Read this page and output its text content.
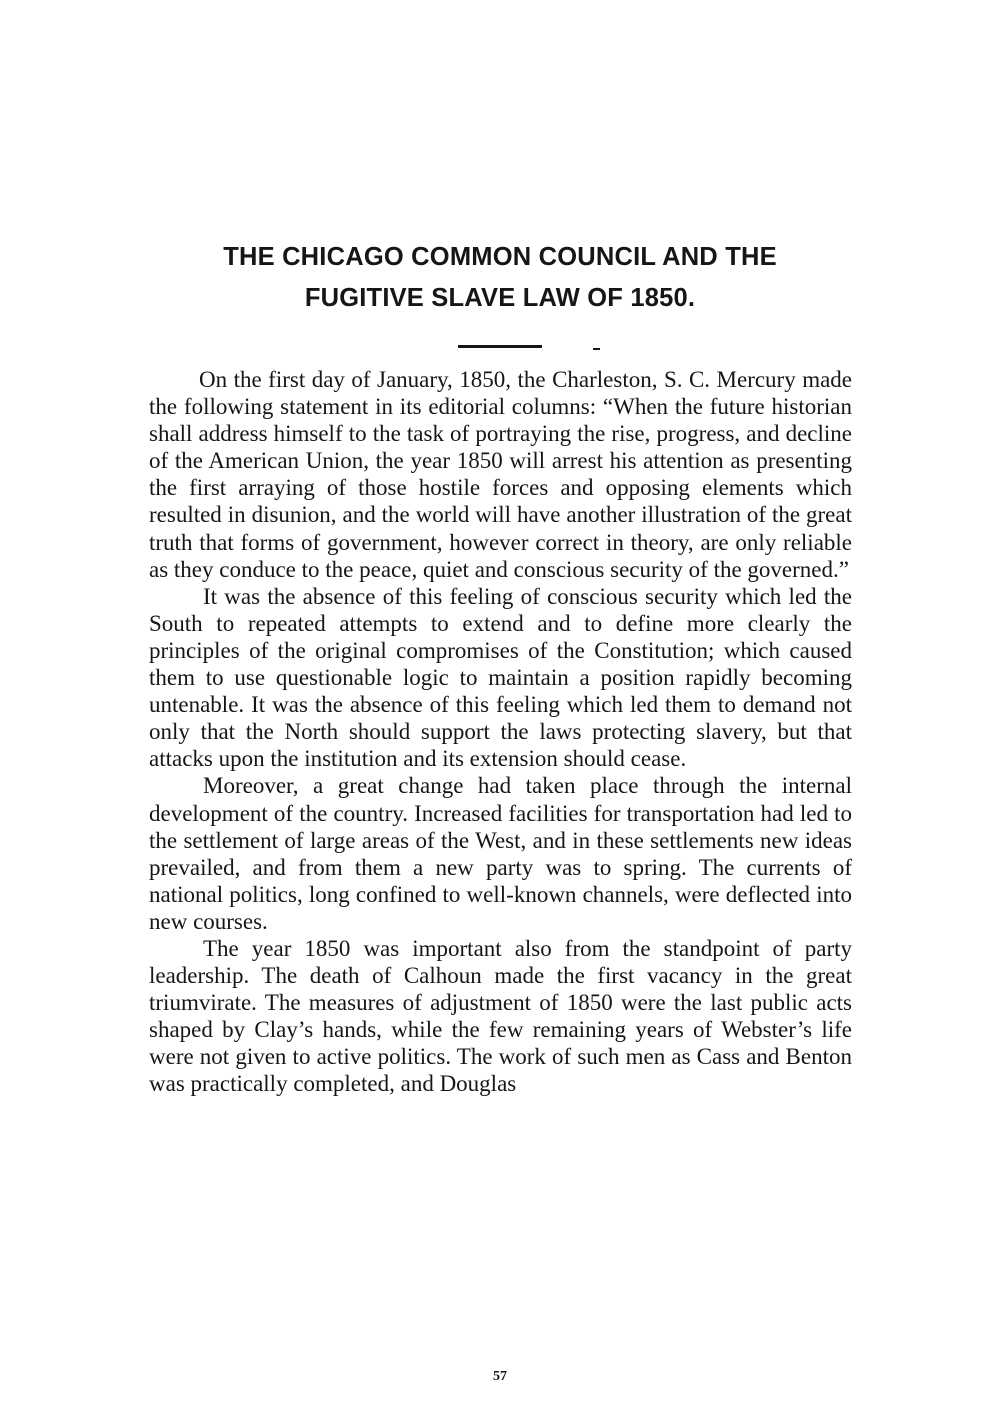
THE CHICAGO COMMON COUNCIL AND THE
FUGITIVE SLAVE LAW OF 1850.

On the first day of January, 1850, the Charleston, S. C. Mercury made the following statement in its editorial columns: “When the future historian shall address himself to the task of portraying the rise, progress, and decline of the American Union, the year 1850 will arrest his attention as presenting the first arraying of those hostile forces and opposing elements which resulted in disunion, and the world will have another illustration of the great truth that forms of government, however correct in theory, are only reliable as they conduce to the peace, quiet and conscious security of the governed.”

It was the absence of this feeling of conscious security which led the South to repeated attempts to extend and to define more clearly the principles of the original compromises of the Constitution; which caused them to use questionable logic to maintain a position rapidly becoming untenable. It was the absence of this feeling which led them to demand not only that the North should support the laws protecting slavery, but that attacks upon the institution and its extension should cease.

Moreover, a great change had taken place through the internal development of the country. Increased facilities for transportation had led to the settlement of large areas of the West, and in these settlements new ideas prevailed, and from them a new party was to spring. The currents of national politics, long confined to well-known channels, were deflected into new courses.

The year 1850 was important also from the standpoint of party leadership. The death of Calhoun made the first vacancy in the great triumvirate. The measures of adjustment of 1850 were the last public acts shaped by Clay’s hands, while the few remaining years of Webster’s life were not given to active politics. The work of such men as Cass and Benton was practically completed, and Douglas

57
